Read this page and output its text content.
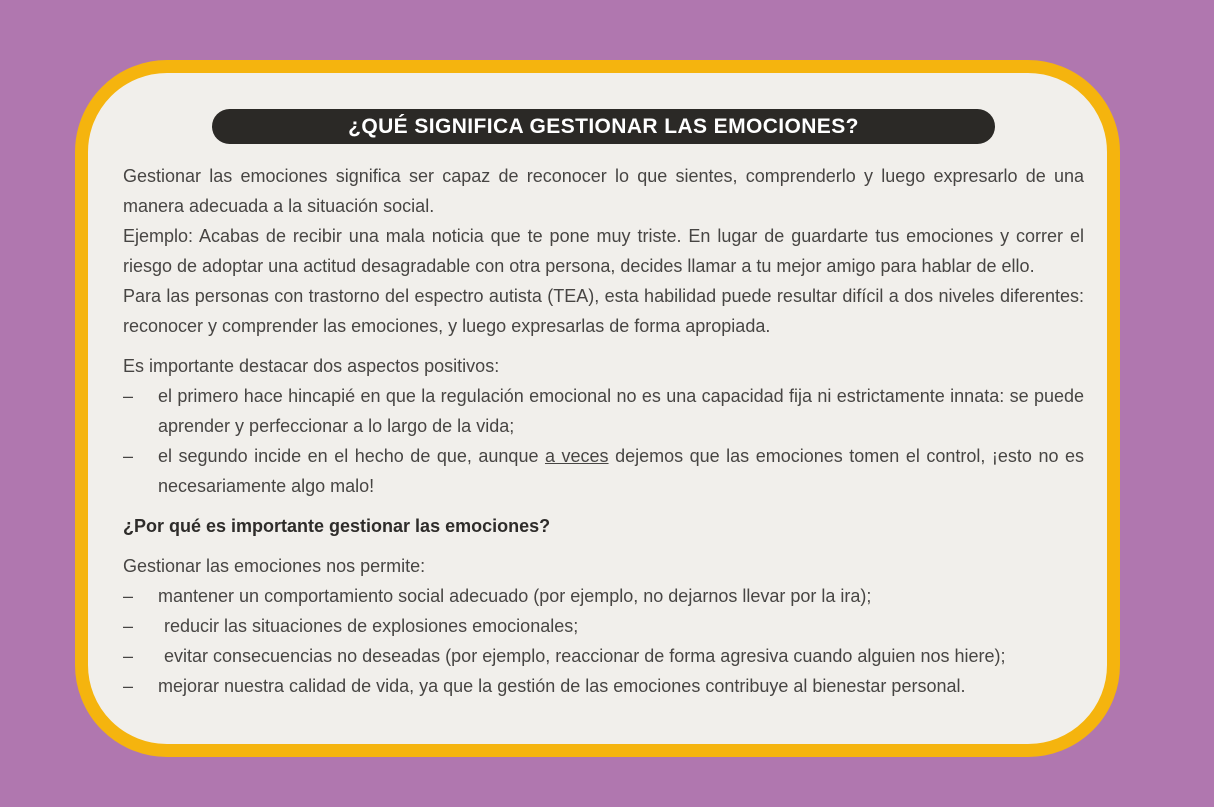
¿QUÉ SIGNIFICA GESTIONAR LAS EMOCIONES?

Gestionar las emociones significa ser capaz de reconocer lo que sientes, comprenderlo y luego expresarlo de una manera adecuada a la situación social.

Ejemplo: Acabas de recibir una mala noticia que te pone muy triste. En lugar de guardarte tus emociones y correr el riesgo de adoptar una actitud desagradable con otra persona, decides llamar a tu mejor amigo para hablar de ello.

Para las personas con trastorno del espectro autista (TEA), esta habilidad puede resultar difícil a dos niveles diferentes: reconocer y comprender las emociones, y luego expresarlas de forma apropiada.

Es importante destacar dos aspectos positivos:

–	el primero hace hincapié en que la regulación emocional no es una capacidad fija ni estrictamente innata: se puede aprender y perfeccionar a lo largo de la vida;
–	el segundo incide en el hecho de que, aunque a veces dejemos que las emociones tomen el control, ¡esto no es necesariamente algo malo!

¿Por qué es importante gestionar las emociones?

Gestionar las emociones nos permite:

–	mantener un comportamiento social adecuado (por ejemplo, no dejarnos llevar por la ira);
–	reducir las situaciones de explosiones emocionales;
–	evitar consecuencias no deseadas (por ejemplo, reaccionar de forma agresiva cuando alguien nos hiere);
–	mejorar nuestra calidad de vida, ya que la gestión de las emociones contribuye al bienestar personal.
